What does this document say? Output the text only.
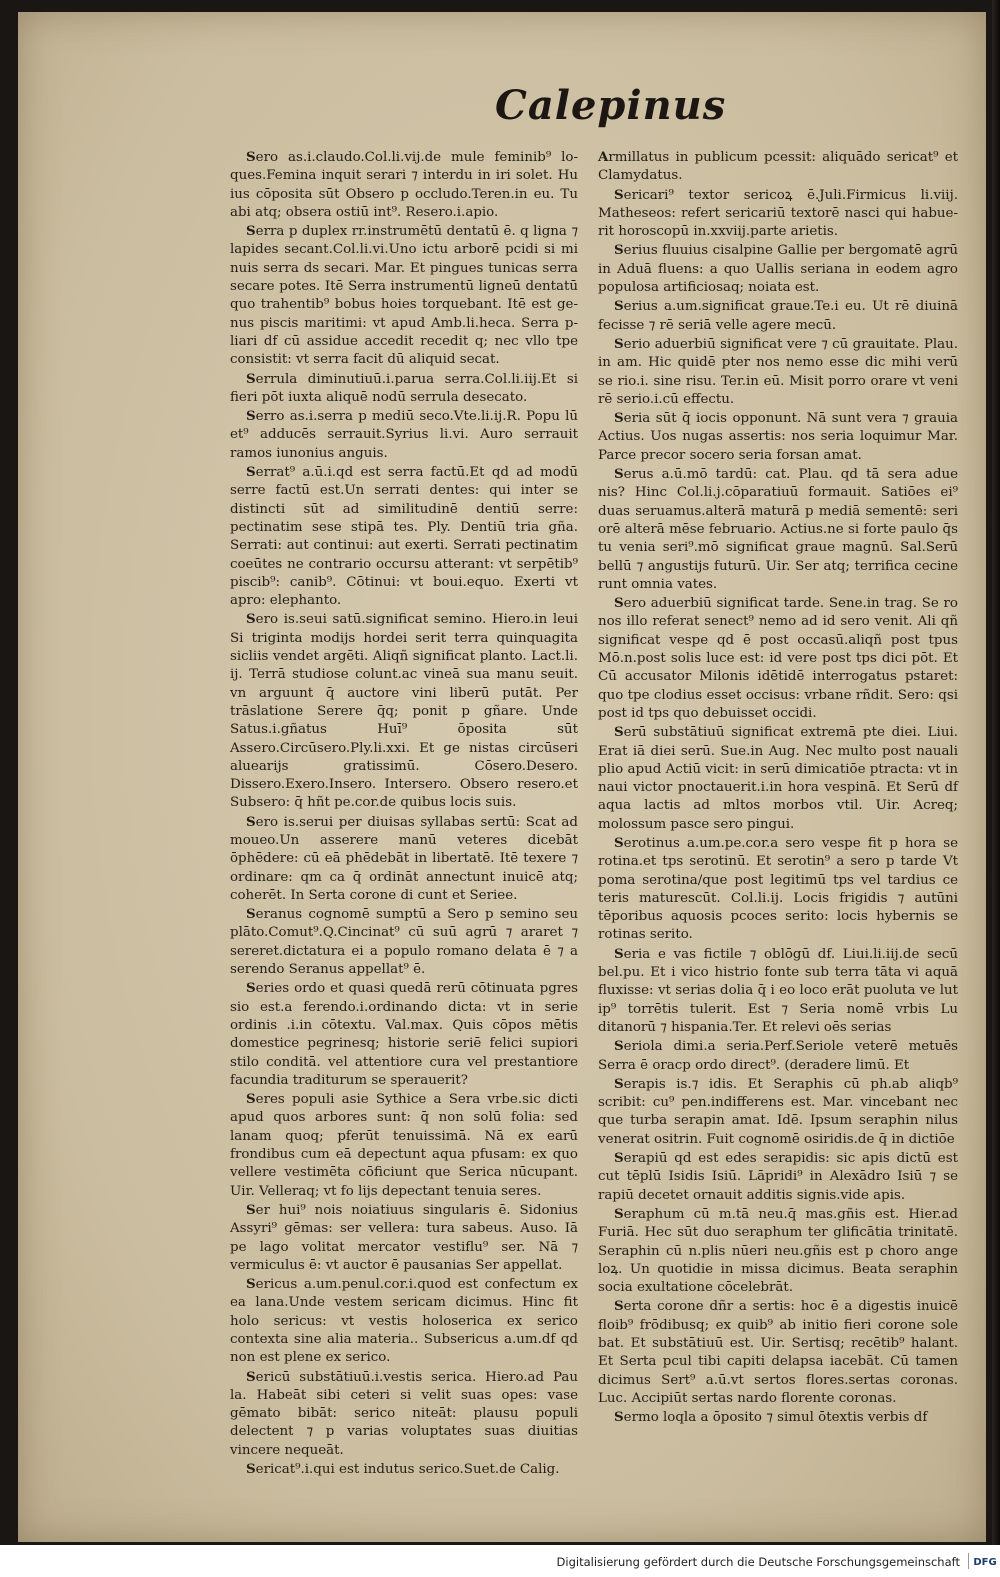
Calepinus

Sero as.i.claudo.Col.li.vij.de mule feminib⁹ loques.Femina inquit serari ⁊ interdu in iri solet. Hu ius cōposita sūt Obsero p occludo.Teren.in eu. Tu abi atq; obsera ostiū int⁹. Resero.i.apio.

Serra p duplex rr.instrumētū dentatū ē. q ligna ⁊ lapides secant.Col.li.vi.Uno ictu arborē pcidi si mi nuis serra ds secari. Mar. Et pingues tunicas serra secare potes. Itē Serra instrumentū ligneū dentatū quo trahentib⁹ bobus hoies torquebant. Itē est genus piscis maritimi: vt apud Amb.li.heca. Serra pliari df cū assidue accedit recedit q; nec vllo tpe consistit: vt serra facit dū aliquid secat.

Serrula diminutiuū.i.parua serra.Col.li.iij.Et si fieri pōt iuxta aliquē nodū serrula desecato.

Serro as.i.serra p mediū seco.Vte.li.ij.R. Popu lū et⁹ adducēs serrauit.Syrius li.vi. Auro serrauit ramos iunonius anguis.

Serrat⁹ a.ū.i.qd est serra factū.Et qd ad modū serre factū est.Un serrati dentes: qui inter se distincti sūt ad similitudinē dentiū serre: pectinatim sese stipā tes. Ply. Dentiū tria gña. Serrati: aut continui: aut exerti. Serrati pectinatim coeūtes ne contrario occursu atterant: vt serpētib⁹ piscib⁹: canib⁹. Cōtinui: vt boui.equo. Exerti vt apro: elephanto.

Sero is.seui satū.significat semino. Hiero.in leui Si triginta modijs hordei serit terra quinquagita sicliis vendet argēti. Aliqñ significat planto. Lact.li. ij. Terrā studiose colunt.ac vineā sua manu seuit. vn arguunt q̄ auctore vini liberū putāt. Per trāslatione Serere q̄q; ponit p gñare. Unde Satus.i.gñatus Huī⁹ ōposita sūt Assero.Circūsero.Ply.li.xxi. Et ge nistas circūseri aluearijs gratissimū. Cōsero.Desero. Dissero.Exero.Insero. Intersero. Obsero resero.et Subsero: q̄ hñt pe.cor.de quibus locis suis.

Sero is.serui per diuisas syllabas sertū: Scat ad moueo.Un asserere manū veteres dicebāt ōphēdere: cū eā phēdebāt in libertatē. Itē texere ⁊ ordinare: qm ca q̄ ordināt annectunt inuicē atq; coherēt. In Serta corone di cunt et Seriee.

Seranus cognomē sumptū a Sero p semino seu plāto.Comut⁹.Q.Cincinat⁹ cū suū agrū ⁊ araret ⁊ sereret.dictatura ei a populo romano delata ē ⁊ a serendo Seranus appellat⁹ ē.

Series ordo et quasi quedā rerū cōtinuata pgres sio est.a ferendo.i.ordinando dicta: vt in serie ordinis .i.in cōtextu. Val.max. Quis cōpos mētis domestice pegrinesq; historie seriē felici supiori stilo conditā. vel attentiore cura vel prestantiore facundia traditurum se sperauerit?

Seres populi asie Sythice a Sera vrbe.sic dicti apud quos arbores sunt: q̄ non solū folia: sed lanam quoq; pferūt tenuissimā. Nā ex earū frondibus cum eā depectunt aqua pfusam: ex quo vellere vestimēta cōficiunt que Serica nūcupant. Uir. Velleraq; vt fo lijs depectant tenuia seres.

Ser hui⁹ nois noiatiuus singularis ē. Sidonius Assyri⁹ gēmas: ser vellera: tura sabeus. Auso. Iā pe lago volitat mercator vestiflu⁹ ser. Nā ⁊ vermiculus ē: vt auctor ē pausanias Ser appellat.

Sericus a.um.penul.cor.i.quod est confectum ex ea lana.Unde vestem sericam dicimus. Hinc fit holo sericus: vt vestis holoserica ex serico contexta sine alia materia.. Subsericus a.um.df qd non est plene ex serico.

Sericū substātiuū.i.vestis serica. Hiero.ad Pau la. Habeāt sibi ceteri si velit suas opes: vase gēmato bibāt: serico niteāt: plausu populi delectent ⁊ p varias voluptates suas diuitias vincere nequeāt.

Sericat⁹.i.qui est indutus serico.Suet.de Calig.

Armillatus in publicum pcessit: aliquādo sericat⁹ et Clamydatus.

Sericari⁹ textor sericoꝝ ē.Juli.Firmicus li.viij. Matheseos: refert sericariū textorē nasci qui habuerit horoscopū in.xxviij.parte arietis.

Serius fluuius cisalpine Gallie per bergomatē agrū in Aduā fluens: a quo Uallis seriana in eodem agro populosa artificiosaq; noiata est.

Serius a.um.significat graue.Te.i eu. Ut rē diuinā fecisse ⁊ rē seriā velle agere mecū.

Serio aduerbiū significat vere ⁊ cū grauitate. Plau. in am. Hic quidē pter nos nemo esse dic mihi verū se rio.i. sine risu. Ter.in eū. Misit porro orare vt veni rē serio.i.cū effectu.

Seria sūt q̄ iocis opponunt. Nā sunt vera ⁊ grauia Actius. Uos nugas assertis: nos seria loquimur Mar. Parce precor socero seria forsan amat.

Serus a.ū.mō tardū: cat. Plau. qd tā sera adue nis? Hinc Col.li.j.cōparatiuū formauit. Satiōes ei⁹ duas seruamus.alterā maturā p mediā sementē: seri orē alterā mēse februario. Actius.ne si forte paulo q̄s tu venia seri⁹.mō significat graue magnū. Sal.Serū bellū ⁊ angustijs futurū. Uir. Ser atq; terrifica cecine runt omnia vates.

Sero aduerbiū significat tarde. Sene.in trag. Se ro nos illo referat senect⁹ nemo ad id sero venit. Ali qñ significat vespe qd ē post occasū.aliqñ post tpus Mō.n.post solis luce est: id vere post tps dici pōt. Et Cū accusator Milonis idētidē interrogatus pstaret: quo tpe clodius esset occisus: vrbane rñdit. Sero: qsi post id tps quo debuisset occidi.

Serū substātiuū significat extremā pte diei. Liui. Erat iā diei serū. Sue.in Aug. Nec multo post nauali plio apud Actiū vicit: in serū dimicatiōe ptracta: vt in naui victor pnoctauerit.i.in hora vespinā. Et Serū df aqua lactis ad mltos morbos vtil. Uir. Acreq; molossum pasce sero pingui.

Serotinus a.um.pe.cor.a sero vespe fit p hora se rotina.et tps serotinū. Et serotin⁹ a sero p tarde Vt poma serotina/que post legitimū tps vel tardius ce teris maturescūt. Col.li.ij. Locis frigidis ⁊ autūni tēporibus aquosis pcoces serito: locis hybernis se rotinas serito.

Seria e vas fictile ⁊ oblōgū df. Liui.li.iij.de secū bel.pu. Et i vico histrio fonte sub terra tāta vi aquā fluxisse: vt serias dolia q̄ i eo loco erāt puoluta ve lut ip⁹ torrētis tulerit. Est ⁊ Seria nomē vrbis Lu ditanorū ⁊ hispania.Ter. Et relevi oēs serias

Seriola dimi.a seria.Perf.Seriole veterē metuēs Serra ē oracp ordo direct⁹. (deradere limū. Et

Serapis is.⁊ idis. Et Seraphis cū ph.ab aliqb⁹ scribit: cu⁹ pen.indifferens est. Mar. vincebant nec que turba serapin amat. Idē. Ipsum seraphin nilus venerat ositrin. Fuit cognomē osiridis.de q̄ in dictiōe

Serapiū qd est edes serapidis: sic apis dictū est cut tēplū Isidis Isiū. Lāpridi⁹ in Alexādro Isiū ⁊ se rapiū decetet ornauit additis signis.vide apis.

Seraphum cū m.tā neu.q̄ mas.gñis est. Hier.ad Furiā. Hec sūt duo seraphum ter glificātia trinitatē. Seraphin cū n.plis nūeri neu.gñis est p choro ange loꝝ. Un quotidie in missa dicimus. Beata seraphin socia exultatione cōcelebrāt.

Serta corone dñr a sertis: hoc ē a digestis inuicē floib⁹ frōdibusq; ex quib⁹ ab initio fieri corone sole bat. Et substātiuū est. Uir. Sertisq; recētib⁹ halant. Et Serta pcul tibi capiti delapsa iacebāt. Cū tamen dicimus Sert⁹ a.ū.vt sertos flores.sertas coronas. Luc. Accipiūt sertas nardo florente coronas.

Sermo loqla a ōposito ⁊ simul ōtextis verbis df

Digitalisierung gefördert durch die Deutsche Forschungsgemeinschaft DFG
